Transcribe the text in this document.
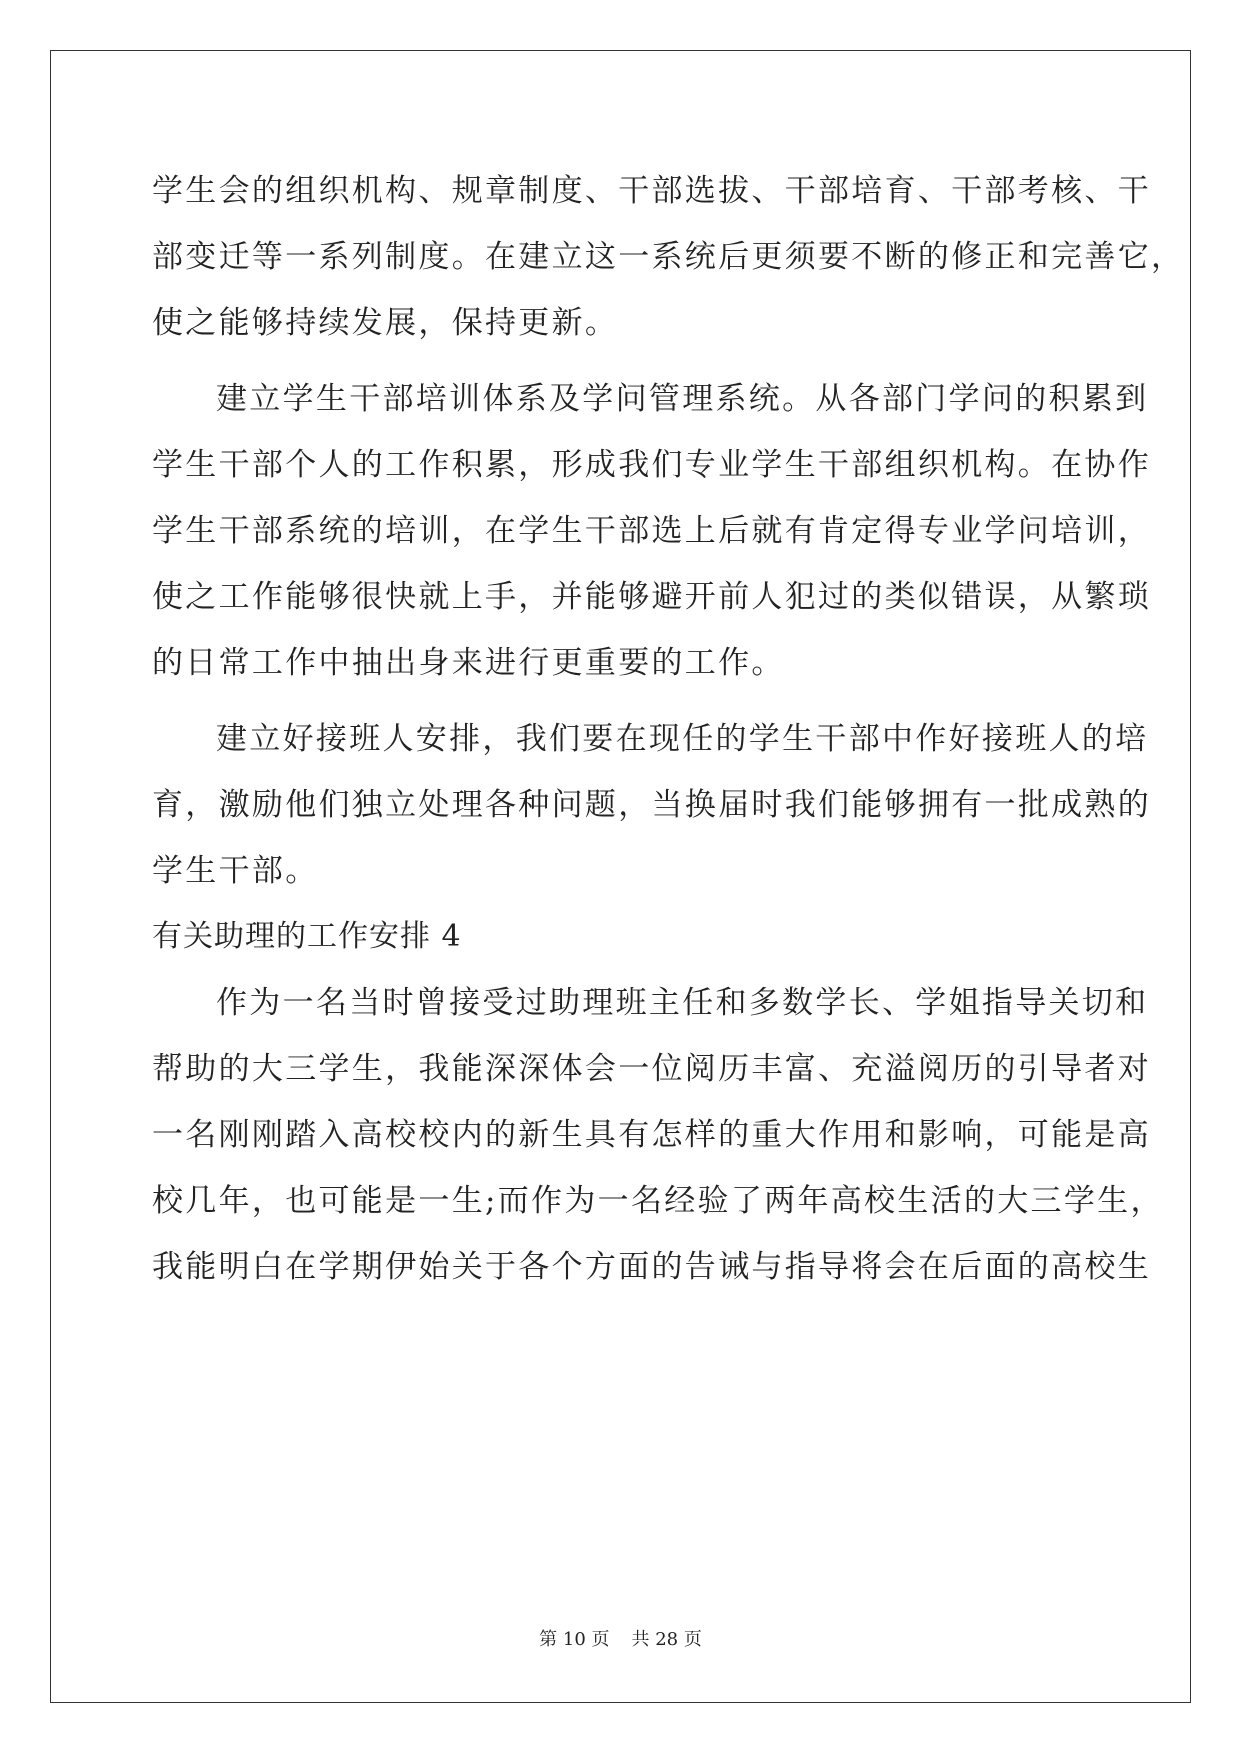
学生会的组织机构、规章制度、干部选拔、干部培育、干部考核、干
部变迁等一系列制度。在建立这一系统后更须要不断的修正和完善它，
使之能够持续发展，保持更新。
建立学生干部培训体系及学问管理系统。从各部门学问的积累到
学生干部个人的工作积累，形成我们专业学生干部组织机构。在协作
学生干部系统的培训，在学生干部选上后就有肯定得专业学问培训，
使之工作能够很快就上手，并能够避开前人犯过的类似错误，从繁琐
的日常工作中抽出身来进行更重要的工作。
建立好接班人安排，我们要在现任的学生干部中作好接班人的培
育，激励他们独立处理各种问题，当换届时我们能够拥有一批成熟的
学生干部。
有关助理的工作安排 4
作为一名当时曾接受过助理班主任和多数学长、学姐指导关切和
帮助的大三学生，我能深深体会一位阅历丰富、充溢阅历的引导者对
一名刚刚踏入高校校内的新生具有怎样的重大作用和影响，可能是高
校几年，也可能是一生;而作为一名经验了两年高校生活的大三学生，
我能明白在学期伊始关于各个方面的告诫与指导将会在后面的高校生
第 10 页 共 28 页
